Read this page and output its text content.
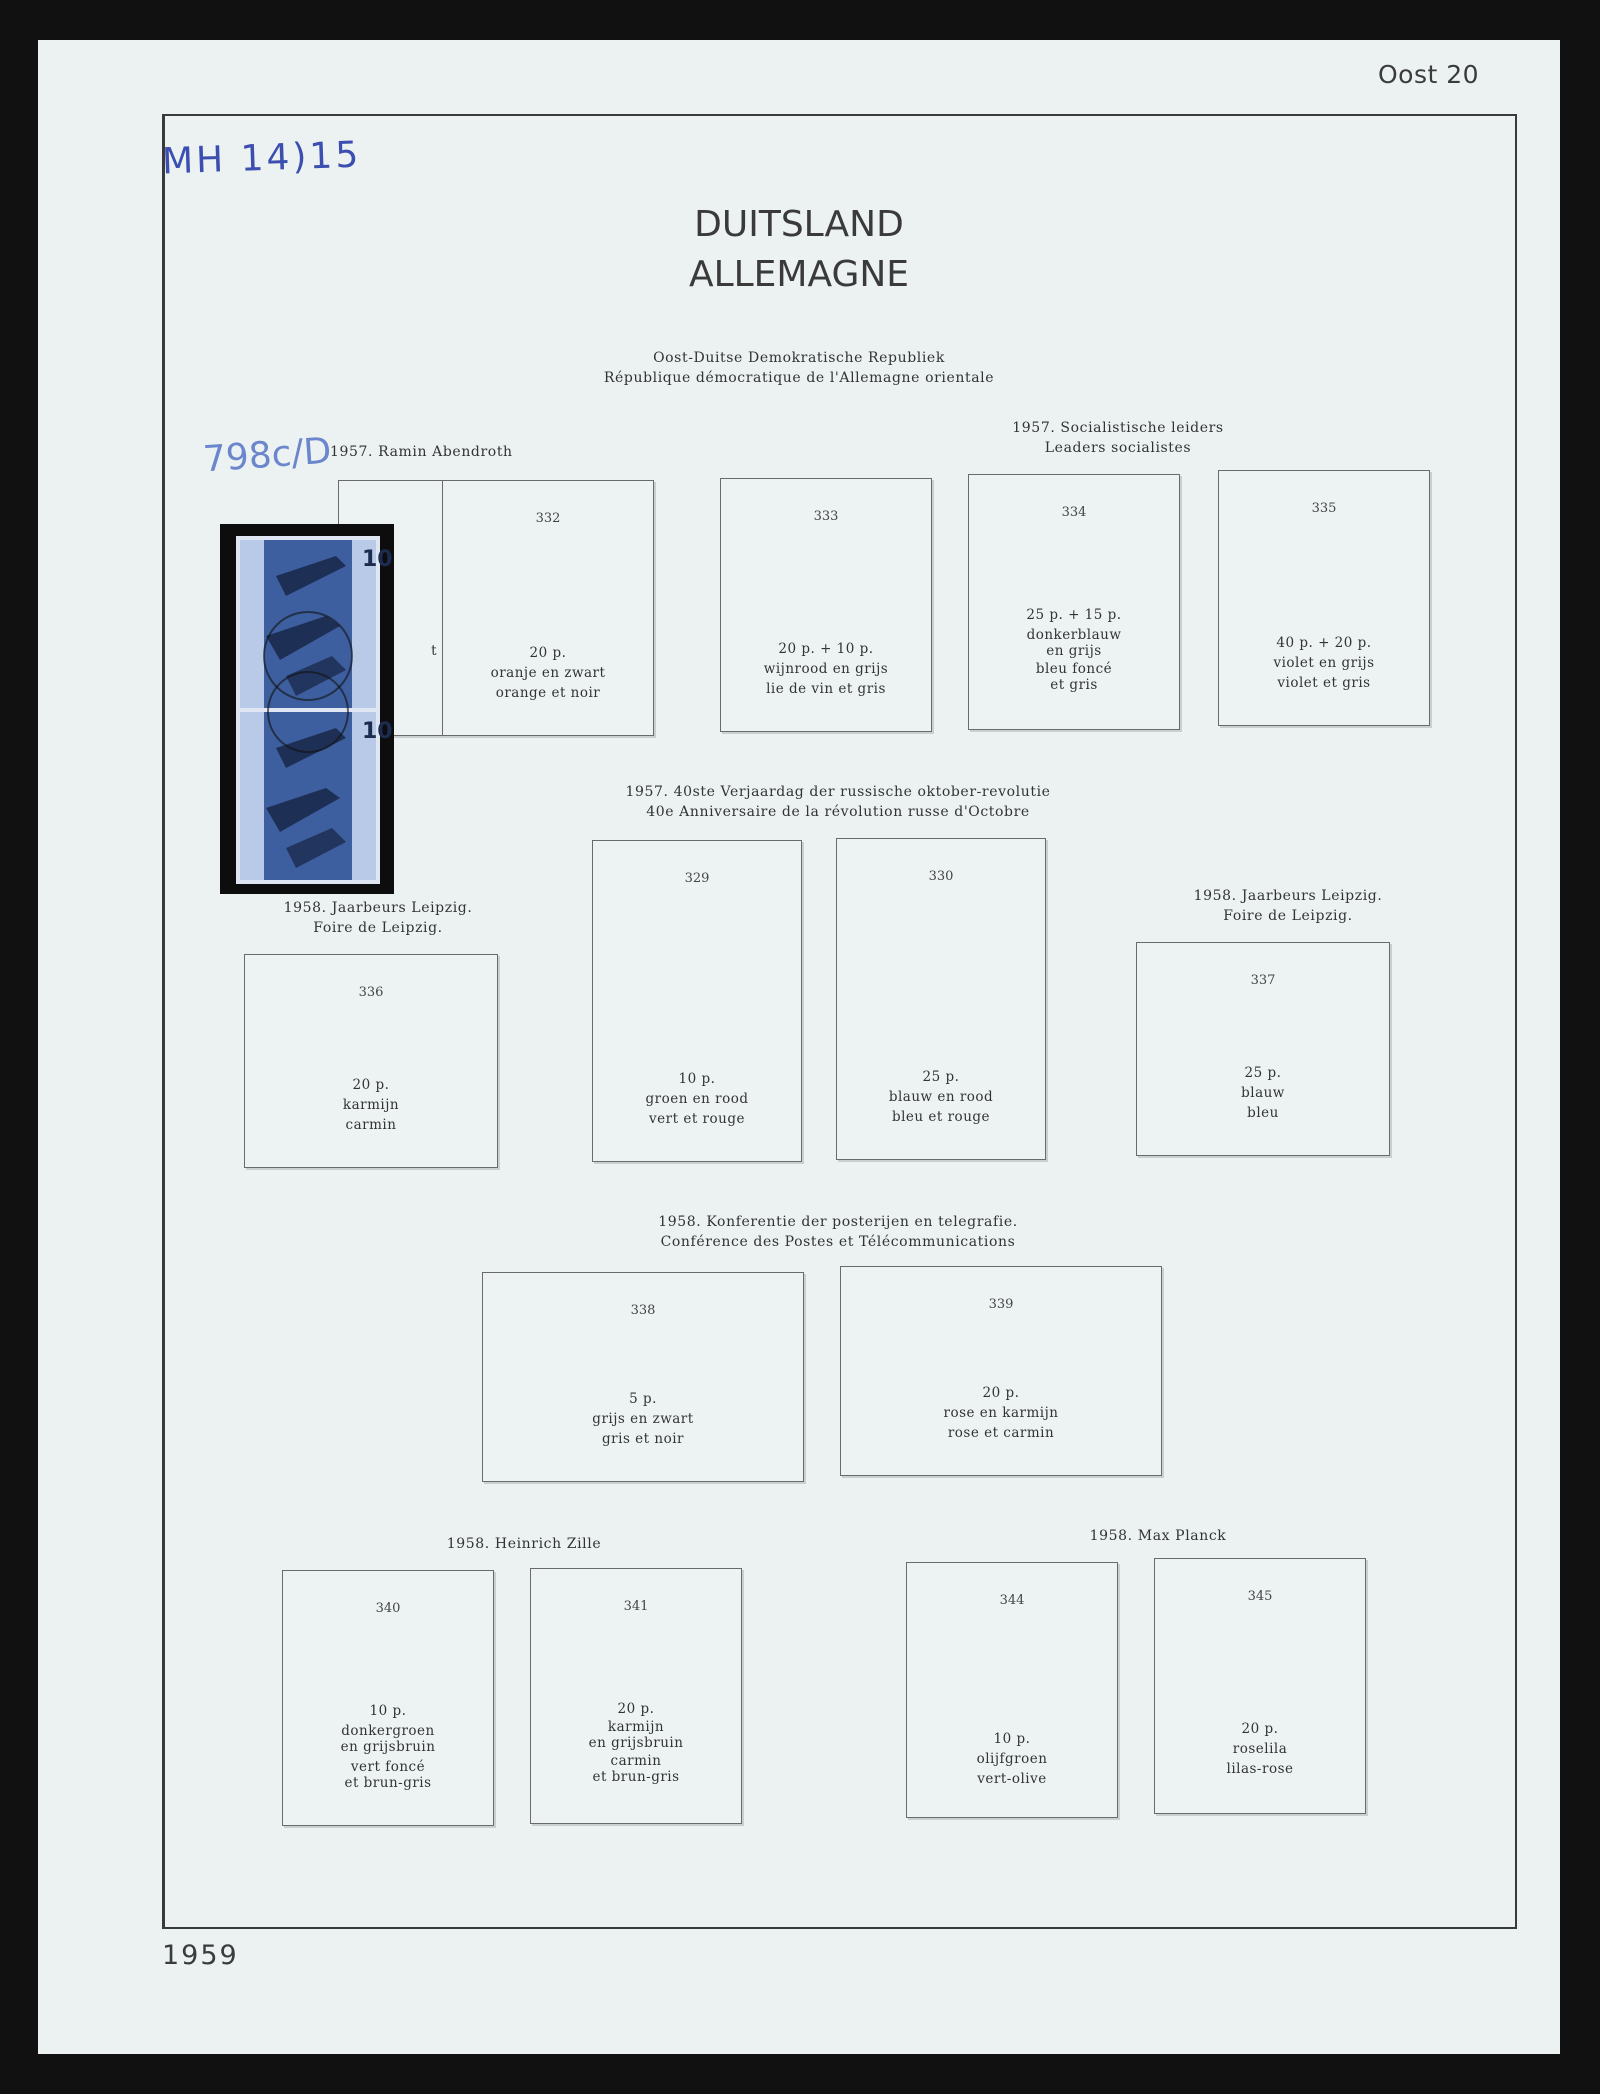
Oost 20
MH 14)15
798c/D
DUITSLAND
ALLEMAGNE
Oost-Duitse Demokratische Republiek
République démocratique de l'Allemagne orientale
1957. Ramin Abendroth
1957. Socialistische leiders
Leaders socialistes
t
10
10
332
20 p.
oranje en zwart
orange et noir
333
20 p. + 10 p.
wijnrood en grijs
lie de vin et gris
334
25 p. + 15 p.
donkerblauw
en grijs
bleu foncé
et gris
335
40 p. + 20 p.
violet en grijs
violet et gris
1957. 40ste Verjaardag der russische oktober-revolutie
40e Anniversaire de la révolution russe d'Octobre
1958. Jaarbeurs Leipzig.
Foire de Leipzig.
1958. Jaarbeurs Leipzig.
Foire de Leipzig.
336
20 p.
karmijn
carmin
329
10 p.
groen en rood
vert et rouge
330
25 p.
blauw en rood
bleu et rouge
337
25 p.
blauw
bleu
1958. Konferentie der posterijen en telegrafie.
Conférence des Postes et Télécommunications
338
5 p.
grijs en zwart
gris et noir
339
20 p.
rose en karmijn
rose et carmin
1958. Heinrich Zille	1958. Max Planck
340
10 p.
donkergroen
en grijsbruin
vert foncé
et brun-gris
341
20 p.
karmijn
en grijsbruin
carmin
et brun-gris
344
10 p.
olijfgroen
vert-olive
345
20 p.
roselila
lilas-rose
1959
